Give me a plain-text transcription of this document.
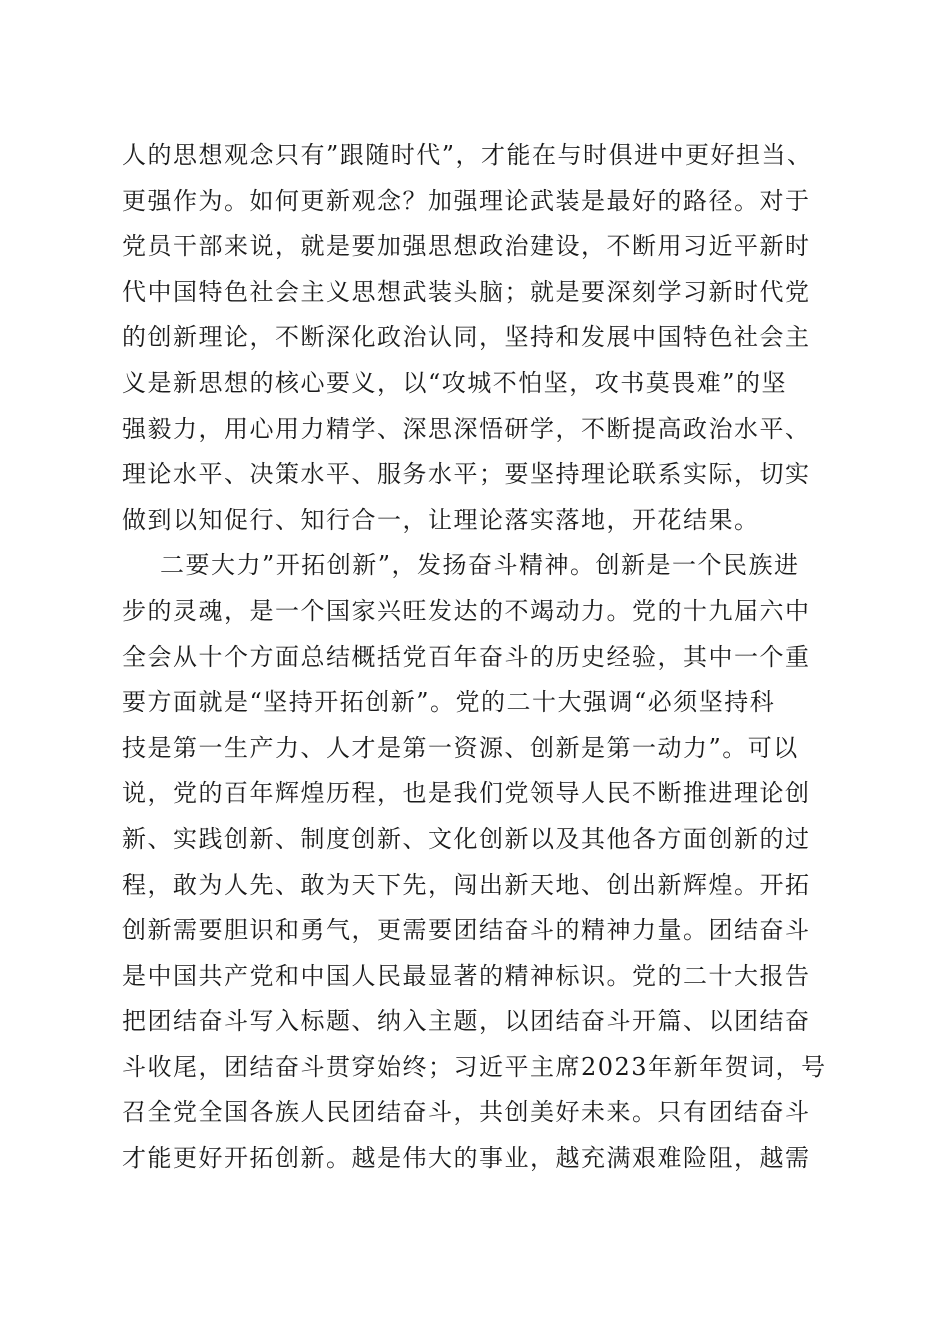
人的思想观念只有”跟随时代”，才能在与时俱进中更好担当、
更强作为。如何更新观念？加强理论武装是最好的路径。对于
党员干部来说，就是要加强思想政治建设，不断用习近平新时
代中国特色社会主义思想武装头脑；就是要深刻学习新时代党
的创新理论，不断深化政治认同，坚持和发展中国特色社会主
义是新思想的核心要义，以“攻城不怕坚，攻书莫畏难”的坚
强毅力，用心用力精学、深思深悟研学，不断提高政治水平、
理论水平、决策水平、服务水平；要坚持理论联系实际，切实
做到以知促行、知行合一，让理论落实落地，开花结果。
二要大力”开拓创新”，发扬奋斗精神。创新是一个民族进
步的灵魂，是一个国家兴旺发达的不竭动力。党的十九届六中
全会从十个方面总结概括党百年奋斗的历史经验，其中一个重
要方面就是“坚持开拓创新”。党的二十大强调“必须坚持科
技是第一生产力、人才是第一资源、创新是第一动力”。可以
说，党的百年辉煌历程，也是我们党领导人民不断推进理论创
新、实践创新、制度创新、文化创新以及其他各方面创新的过
程，敢为人先、敢为天下先，闯出新天地、创出新辉煌。开拓
创新需要胆识和勇气，更需要团结奋斗的精神力量。团结奋斗
是中国共产党和中国人民最显著的精神标识。党的二十大报告
把团结奋斗写入标题、纳入主题，以团结奋斗开篇、以团结奋
斗收尾，团结奋斗贯穿始终；习近平主席2023年新年贺词，号
召全党全国各族人民团结奋斗，共创美好未来。只有团结奋斗
才能更好开拓创新。越是伟大的事业，越充满艰难险阻，越需
